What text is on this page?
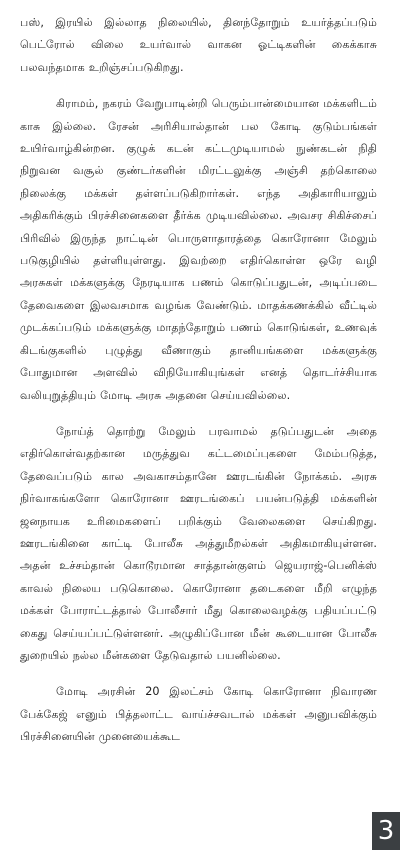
பஸ், இரயில் இல்லாத நிலையில், தினந்தோறும் உயர்த்தப்படும் பெட்ரோல் விலை உயர்வால் வாகன ஓட்டிகளின் கைக்காசு பலவந்தமாக உறிஞ்சப்படுகிறது.

கிராமம், நகரம் வேறுபாடின்றி பெரும்பான்மையான மக்களிடம் காசு இல்லை. ரேசன் அரிசியால்தான் பல கோடி குடும்பங்கள் உயிர்வாழ்கின்றன. குழுக் கடன் கட்டமுடியாமல் நுண்கடன் நிதி நிறுவன வசூல் குண்டர்களின் மிரட்டலுக்கு அஞ்சி தற்கொலை நிலைக்கு மக்கள் தள்ளப்படுகிறார்கள். எந்த அதிகாரியாலும் அதிகரிக்கும் பிரச்சினைகளை தீர்க்க முடியவில்லை. அவசர சிகிச்சைப் பிரிவில் இருந்த நாட்டின் பொருளாதாரத்தை கொரோனா மேலும் படுகுழியில் தள்ளியுள்ளது. இவற்றை எதிர்கொள்ள ஒரே வழி அரசுகள் மக்களுக்கு நேரடியாக பணம் கொடுப்பதுடன், அடிப்படை தேவைகளை இலவசமாக வழங்க வேண்டும். மாதக்கணக்கில் வீட்டில் முடக்கப்படும் மக்களுக்கு மாதந்தோறும் பணம் கொடுங்கள், உணவுக் கிடங்குகளில் புழுத்து வீணாகும் தானியங்களை மக்களுக்கு போதுமான அளவில் விநியோகியுங்கள் எனத் தொடர்ச்சியாக வலியுறுத்தியும் மோடி அரசு அதனை செய்யவில்லை.

நோய்த் தொற்று மேலும் பரவாமல் தடுப்பதுடன் அதை எதிர்கொள்வதற்கான மருத்துவ கட்டமைப்புகளை மேம்படுத்த, தேவைப்படும் கால அவகாசம்தானே ஊரடங்கின் நோக்கம். அரசு நிர்வாகங்களோ கொரோனா ஊரடங்கைப் பயன்படுத்தி மக்களின் ஜனநாயக உரிமைகளைப் பறிக்கும் வேலைகளை செய்கிறது. ஊரடங்கினை காட்டி போலீசு அத்துமீறல்கள் அதிகமாகியுள்ளன. அதன் உச்சம்தான் கொடூரமான சாத்தான்குளம் ஜெயராஜ்-பெனிக்ஸ் காவல் நிலைய படுகொலை. கொரோனா தடைகளை மீறி எழுந்த மக்கள் போராட்டத்தால் போலீசார் மீது கொலைவழக்கு பதியப்பட்டு கைது செய்யப்பட்டுள்ளனர். அழுகிப்போன மீன் கூடையான போலீசு துறையில் நல்ல மீன்களை தேடுவதால் பயனில்லை.

மோடி அரசின் 20 இலட்சம் கோடி கொரோனா நிவாரண பேக்கேஜ் எனும் பித்தலாட்ட வாய்ச்சவடால் மக்கள் அனுபவிக்கும் பிரச்சினையின் முனையைக்கூட

3
